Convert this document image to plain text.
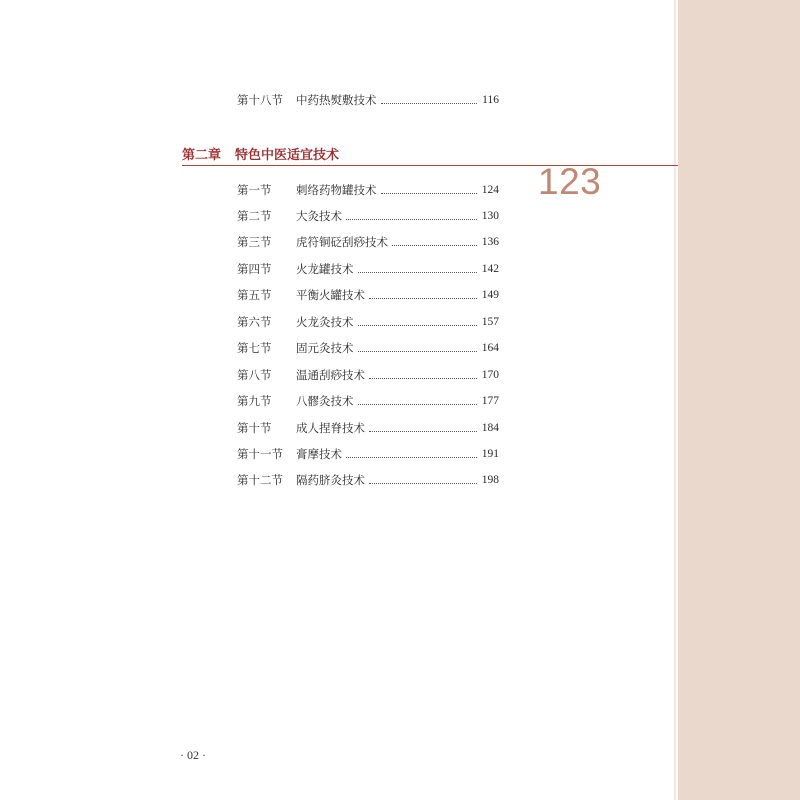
第十八节	中药热熨敷技术	116
第二章 特色中医适宜技术
123
第一节	刺络药物罐技术	124
第二节	大灸技术	130
第三节	虎符铜砭刮痧技术	136
第四节	火龙罐技术	142
第五节	平衡火罐技术	149
第六节	火龙灸技术	157
第七节	固元灸技术	164
第八节	温通刮痧技术	170
第九节	八髎灸技术	177
第十节	成人捏脊技术	184
第十一节	膏摩技术	191
第十二节	隔药脐灸技术	198
· 02 ·
